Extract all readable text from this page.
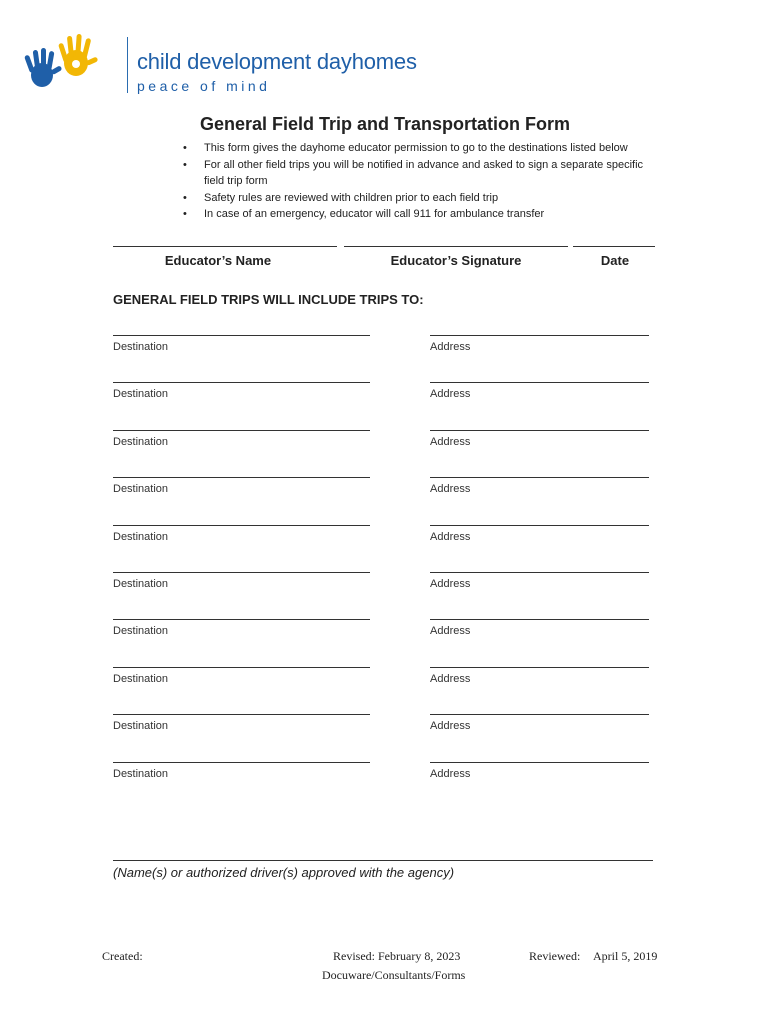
child development dayhomes
peace of mind
General Field Trip and Transportation Form
• This form gives the dayhome educator permission to go to the destinations listed below
• For all other field trips you will be notified in advance and asked to sign a separate specific field trip form
• Safety rules are reviewed with children prior to each field trip
• In case of an emergency, educator will call 911 for ambulance transfer
Educator’s Name	Educator’s Signature	Date
GENERAL FIELD TRIPS WILL INCLUDE TRIPS TO:
Destination	Address
Destination	Address
Destination	Address
Destination	Address
Destination	Address
Destination	Address
Destination	Address
Destination	Address
Destination	Address
Destination	Address
(Name(s) or authorized driver(s) approved with the agency)
Created:	Revised: February 8, 2023
Docuware/Consultants/Forms
Reviewed: April 5, 2019
